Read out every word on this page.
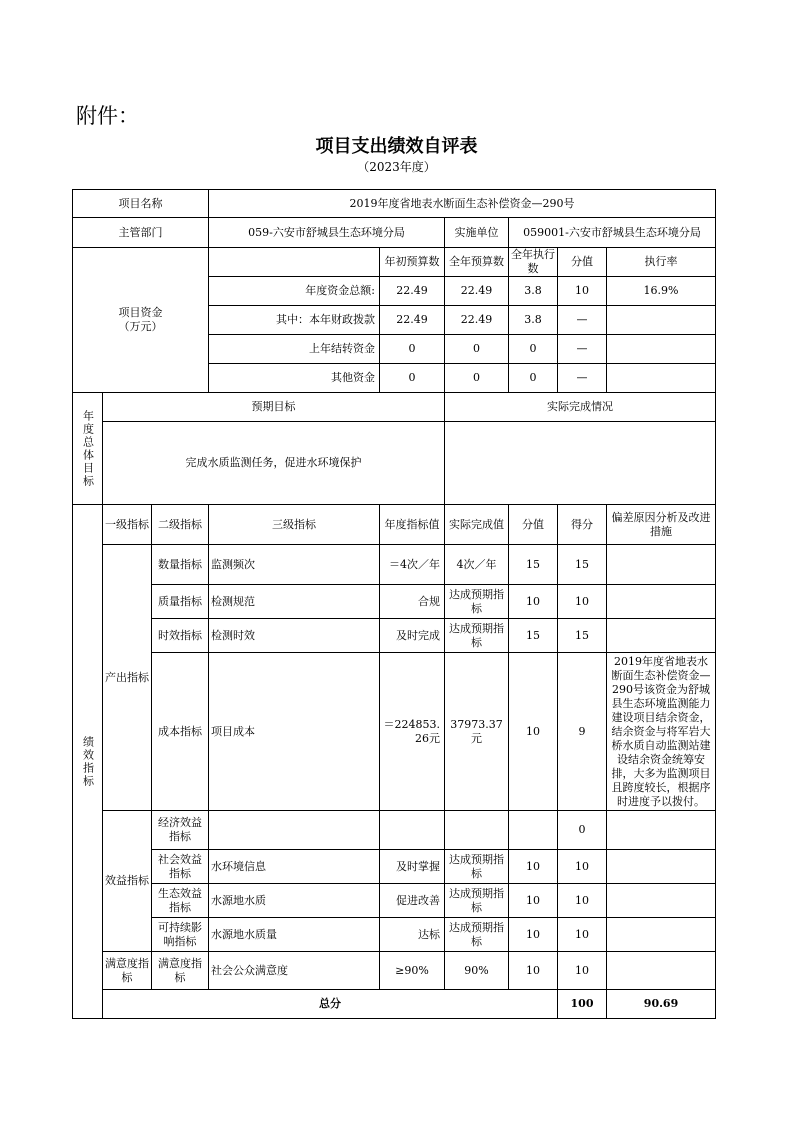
附件：
项目支出绩效自评表
（2023年度）
项目名称			2019年度省地表水断面生态补偿资金—290号						
主管部门			059-六安市舒城县生态环境分局		实施单位	059001-六安市舒城县生态环境分局			

项目资金
（万元）				年初预算数	全年预算数	全年执行数	分值	执行率	
			年度资金总额:	22.49	22.49	3.8	10	16.9%	
			其中：本年财政拨款	22.49	22.49	3.8	—		
			上年结转资金	0	0	0	—		
			其他资金	0	0	0	—		
年度总体目标	预期目标				实际完成情况				
	完成水质监测任务，促进水环境保护								
绩效指标	一级指标	二级指标	三级指标	年度指标值	实际完成值	分值	得分	偏差原因分析及改进措施	
	产出指标	数量指标	监测频次	＝4次／年	4次／年	15	15		
		质量指标	检测规范	合规	达成预期指标	10	10		
		时效指标	检测时效	及时完成	达成预期指标	15	15		
		成本指标	项目成本	＝224853.26元	37973.37元	10	9	2019年度省地表水断面生态补偿资金—290号该资金为舒城县生态环境监测能力建设项目结余资金，结余资金与将军岩大桥水质自动监测站建设结余资金统筹安排，大多为监测项目且跨度较长，根据序时进度予以拨付。	
	效益指标	经济效益指标					0		
		社会效益指标	水环境信息	及时掌握	达成预期指标	10	10		
		生态效益指标	水源地水质	促进改善	达成预期指标	10	10		
		可持续影响指标	水源地水质量	达标	达成预期指标	10	10		
	满意度指标	满意度指标	社会公众满意度	≥90%	90%	10	10		
	总分						100	90.69	
